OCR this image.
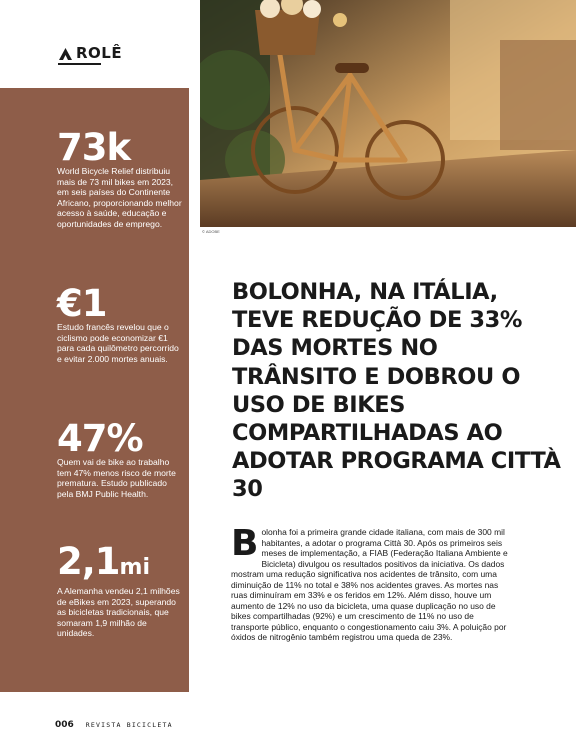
ROLÊ
73k
World Bicycle Relief distribuiu mais de 73 mil bikes em 2023, em seis países do Continente Africano, proporcionando melhor acesso à saúde, educação e oportunidades de emprego.
€1
Estudo francês revelou que o ciclismo pode economizar €1 para cada quilômetro percorrido e evitar 2.000 mortes anuais.
47%
Quem vai de bike ao trabalho tem 47% menos risco de morte prematura. Estudo publicado pela BMJ Public Health.
2,1mi
A Alemanha vendeu 2,1 milhões de eBikes em 2023, superando as bicicletas tradicionais, que somaram 1,9 milhão de unidades.
© ADOBE
BOLONHA, NA ITÁLIA, TEVE REDUÇÃO DE 33% DAS MORTES NO TRÂNSITO E DOBROU O USO DE BIKES COMPARTILHADAS AO ADOTAR PROGRAMA CITTÀ 30
Bolonha foi a primeira grande cidade italiana, com mais de 300 mil habitantes, a adotar o programa Città 30. Após os primeiros seis meses de implementação, a FIAB (Federação Italiana Ambiente e Bicicleta) divulgou os resultados positivos da iniciativa. Os dados mostram uma redução significativa nos acidentes de trânsito, com uma diminuição de 11% no total e 38% nos acidentes graves. As mortes nas ruas diminuíram em 33% e os feridos em 12%. Além disso, houve um aumento de 12% no uso da bicicleta, uma quase duplicação no uso de bikes compartilhadas (92%) e um crescimento de 11% no uso de transporte público, enquanto o congestionamento caiu 3%. A poluição por óxidos de nitrogênio também registrou uma queda de 23%.
006 REVISTA BICICLETA
